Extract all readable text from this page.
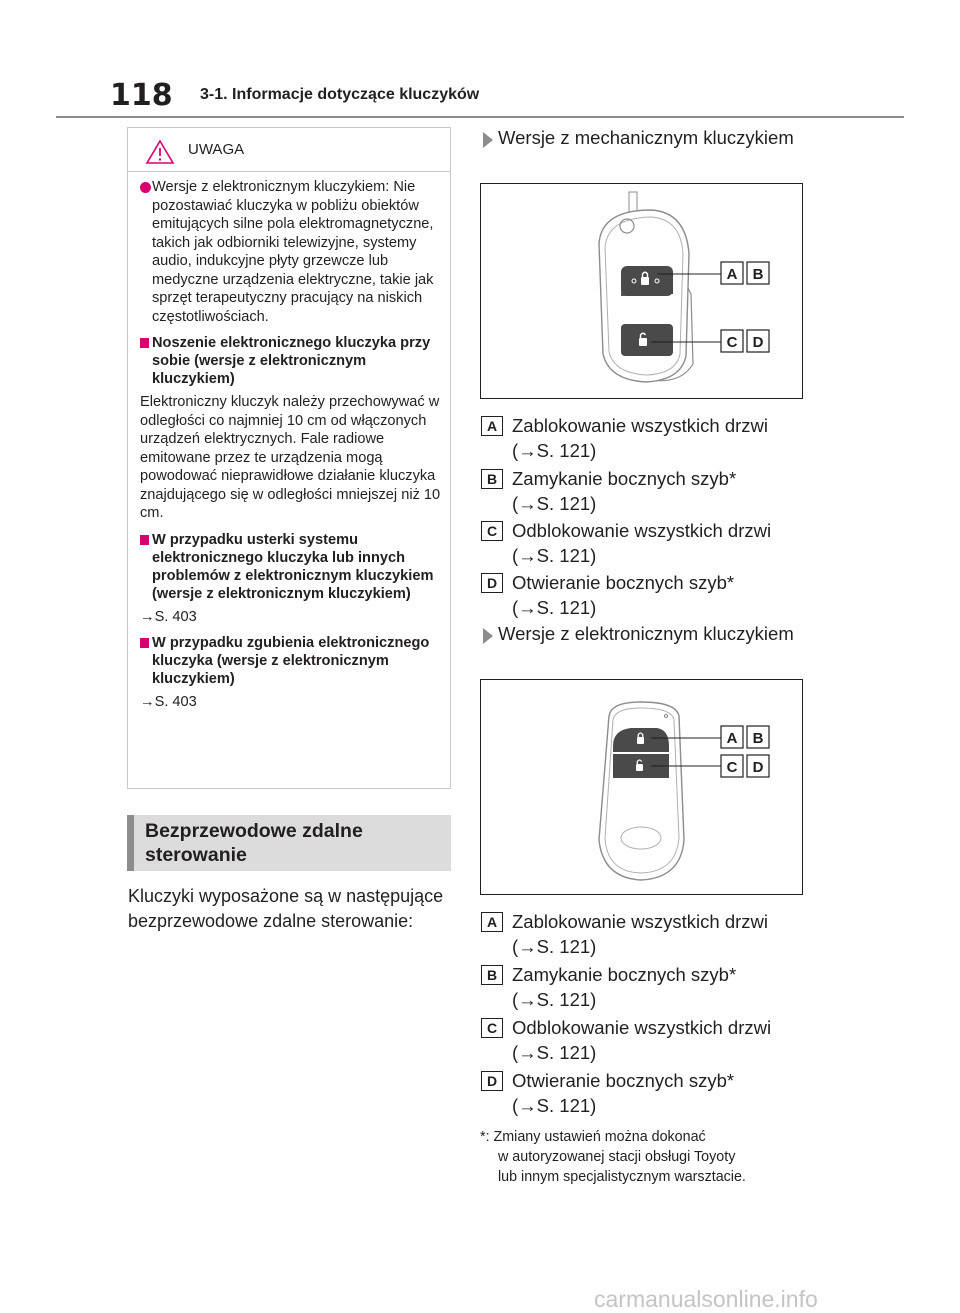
118 3-1. Informacje dotyczące kluczyków
UWAGA
Wersje z elektronicznym kluczykiem: Nie pozostawiać kluczyka w pobliżu obiektów emitujących silne pola elektromagnetyczne, takich jak odbiorniki telewizyjne, systemy audio, indukcyjne płyty grzewcze lub medyczne urządzenia elektryczne, takie jak sprzęt terapeutyczny pracujący na niskich częstotliwościach.
Noszenie elektronicznego kluczyka przy sobie (wersje z elektronicznym kluczykiem)
Elektroniczny kluczyk należy przechowywać w odległości co najmniej 10 cm od włączonych urządzeń elektrycznych. Fale radiowe emitowane przez te urządzenia mogą powodować nieprawidłowe działanie kluczyka znajdującego się w odległości mniejszej niż 10 cm.
W przypadku usterki systemu elektronicznego kluczyka lub innych problemów z elektronicznym kluczykiem (wersje z elektronicznym kluczykiem)
→S. 403
W przypadku zgubienia elektronicznego kluczyka (wersje z elektronicznym kluczykiem)
→S. 403
Bezprzewodowe zdalne sterowanie
Kluczyki wyposażone są w następujące bezprzewodowe zdalne sterowanie:
Wersje z mechanicznym kluczykiem
A B
C D
A Zablokowanie wszystkich drzwi
(→S. 121)
B Zamykanie bocznych szyb*
(→S. 121)
C Odblokowanie wszystkich drzwi
(→S. 121)
D Otwieranie bocznych szyb*
(→S. 121)
Wersje z elektronicznym kluczykiem
A B
C D
A Zablokowanie wszystkich drzwi
(→S. 121)
B Zamykanie bocznych szyb*
(→S. 121)
C Odblokowanie wszystkich drzwi
(→S. 121)
D Otwieranie bocznych szyb*
(→S. 121)
*: Zmiany ustawień można dokonać
w autoryzowanej stacji obsługi Toyoty
lub innym specjalistycznym warsztacie.
carmanualsonline.info
